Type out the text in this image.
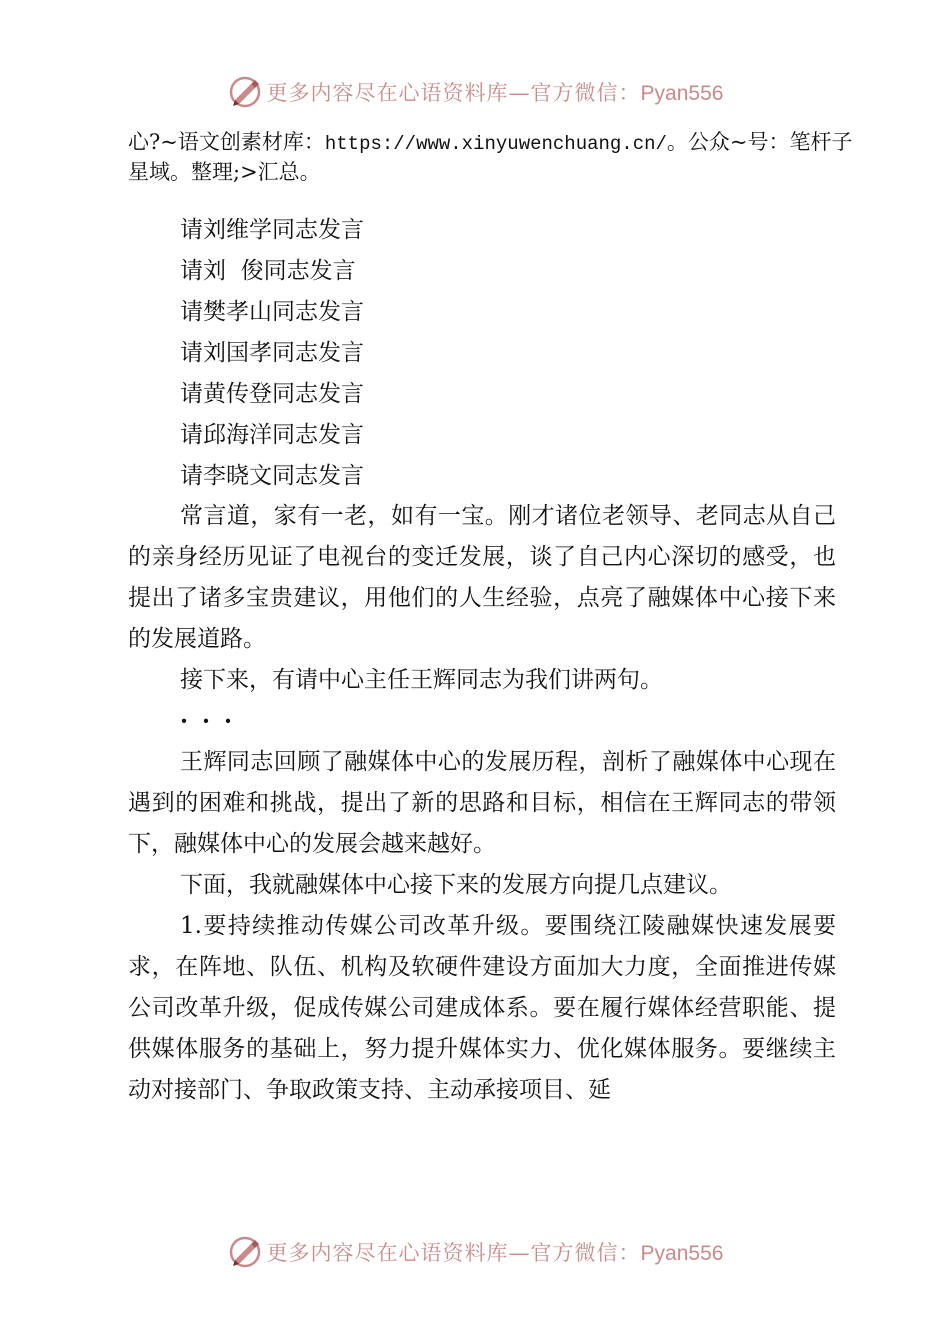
更多内容尽在心语资料库—官方微信：Pyan556
心?~语文创素材库：https://www.xinyuwenchuang.cn/。公众~号：笔杆子星域。整理;>汇总。
请刘维学同志发言
请刘  俊同志发言
请樊孝山同志发言
请刘国孝同志发言
请黄传登同志发言
请邱海洋同志发言
请李晓文同志发言

常言道，家有一老，如有一宝。刚才诸位老领导、老同志从自己的亲身经历见证了电视台的变迁发展，谈了自己内心深切的感受，也提出了诸多宝贵建议，用他们的人生经验，点亮了融媒体中心接下来的发展道路。

接下来，有请中心主任王辉同志为我们讲两句。

···

王辉同志回顾了融媒体中心的发展历程，剖析了融媒体中心现在遇到的困难和挑战，提出了新的思路和目标，相信在王辉同志的带领下，融媒体中心的发展会越来越好。

下面，我就融媒体中心接下来的发展方向提几点建议。

1.要持续推动传媒公司改革升级。要围绕江陵融媒快速发展要求，在阵地、队伍、机构及软硬件建设方面加大力度，全面推进传媒公司改革升级，促成传媒公司建成体系。要在履行媒体经营职能、提供媒体服务的基础上，努力提升媒体实力、优化媒体服务。要继续主动对接部门、争取政策支持、主动承接项目、延

更多内容尽在心语资料库—官方微信：Pyan556
